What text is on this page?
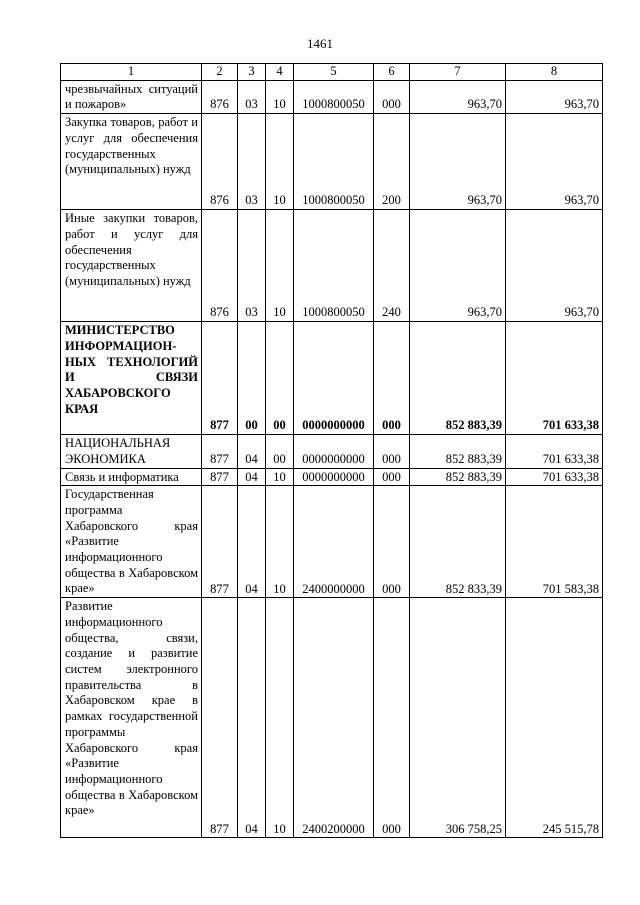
1461
1	2	3	4	5	6	7	8
чрезвычайных ситуаций и пожаров»	876	03	10	1000800050	000	963,70	963,70
Закупка товаров, работ и услуг для обеспечения государственных (муниципальных) нужд	876	03	10	1000800050	200	963,70	963,70
Иные закупки товаров, работ и услуг для обеспечения государственных (муниципальных) нужд	876	03	10	1000800050	240	963,70	963,70
МИНИСТЕРСТВО ИНФОРМАЦИОН-НЫХ ТЕХНОЛОГИЙ И СВЯЗИ ХАБАРОВСКОГО КРАЯ	877	00	00	0000000000	000	852 883,39	701 633,38
НАЦИОНАЛЬНАЯ ЭКОНОМИКА	877	04	00	0000000000	000	852 883,39	701 633,38
Связь и информатика	877	04	10	0000000000	000	852 883,39	701 633,38
Государственная программа Хабаровского края «Развитие информационного общества в Хабаровском крае»	877	04	10	2400000000	000	852 833,39	701 583,38
Развитие информационного общества, связи, создание и развитие систем электронного правительства в Хабаровском крае в рамках государственной программы Хабаровского края «Развитие информационного общества в Хабаровском крае»	877	04	10	2400200000	000	306 758,25	245 515,78
